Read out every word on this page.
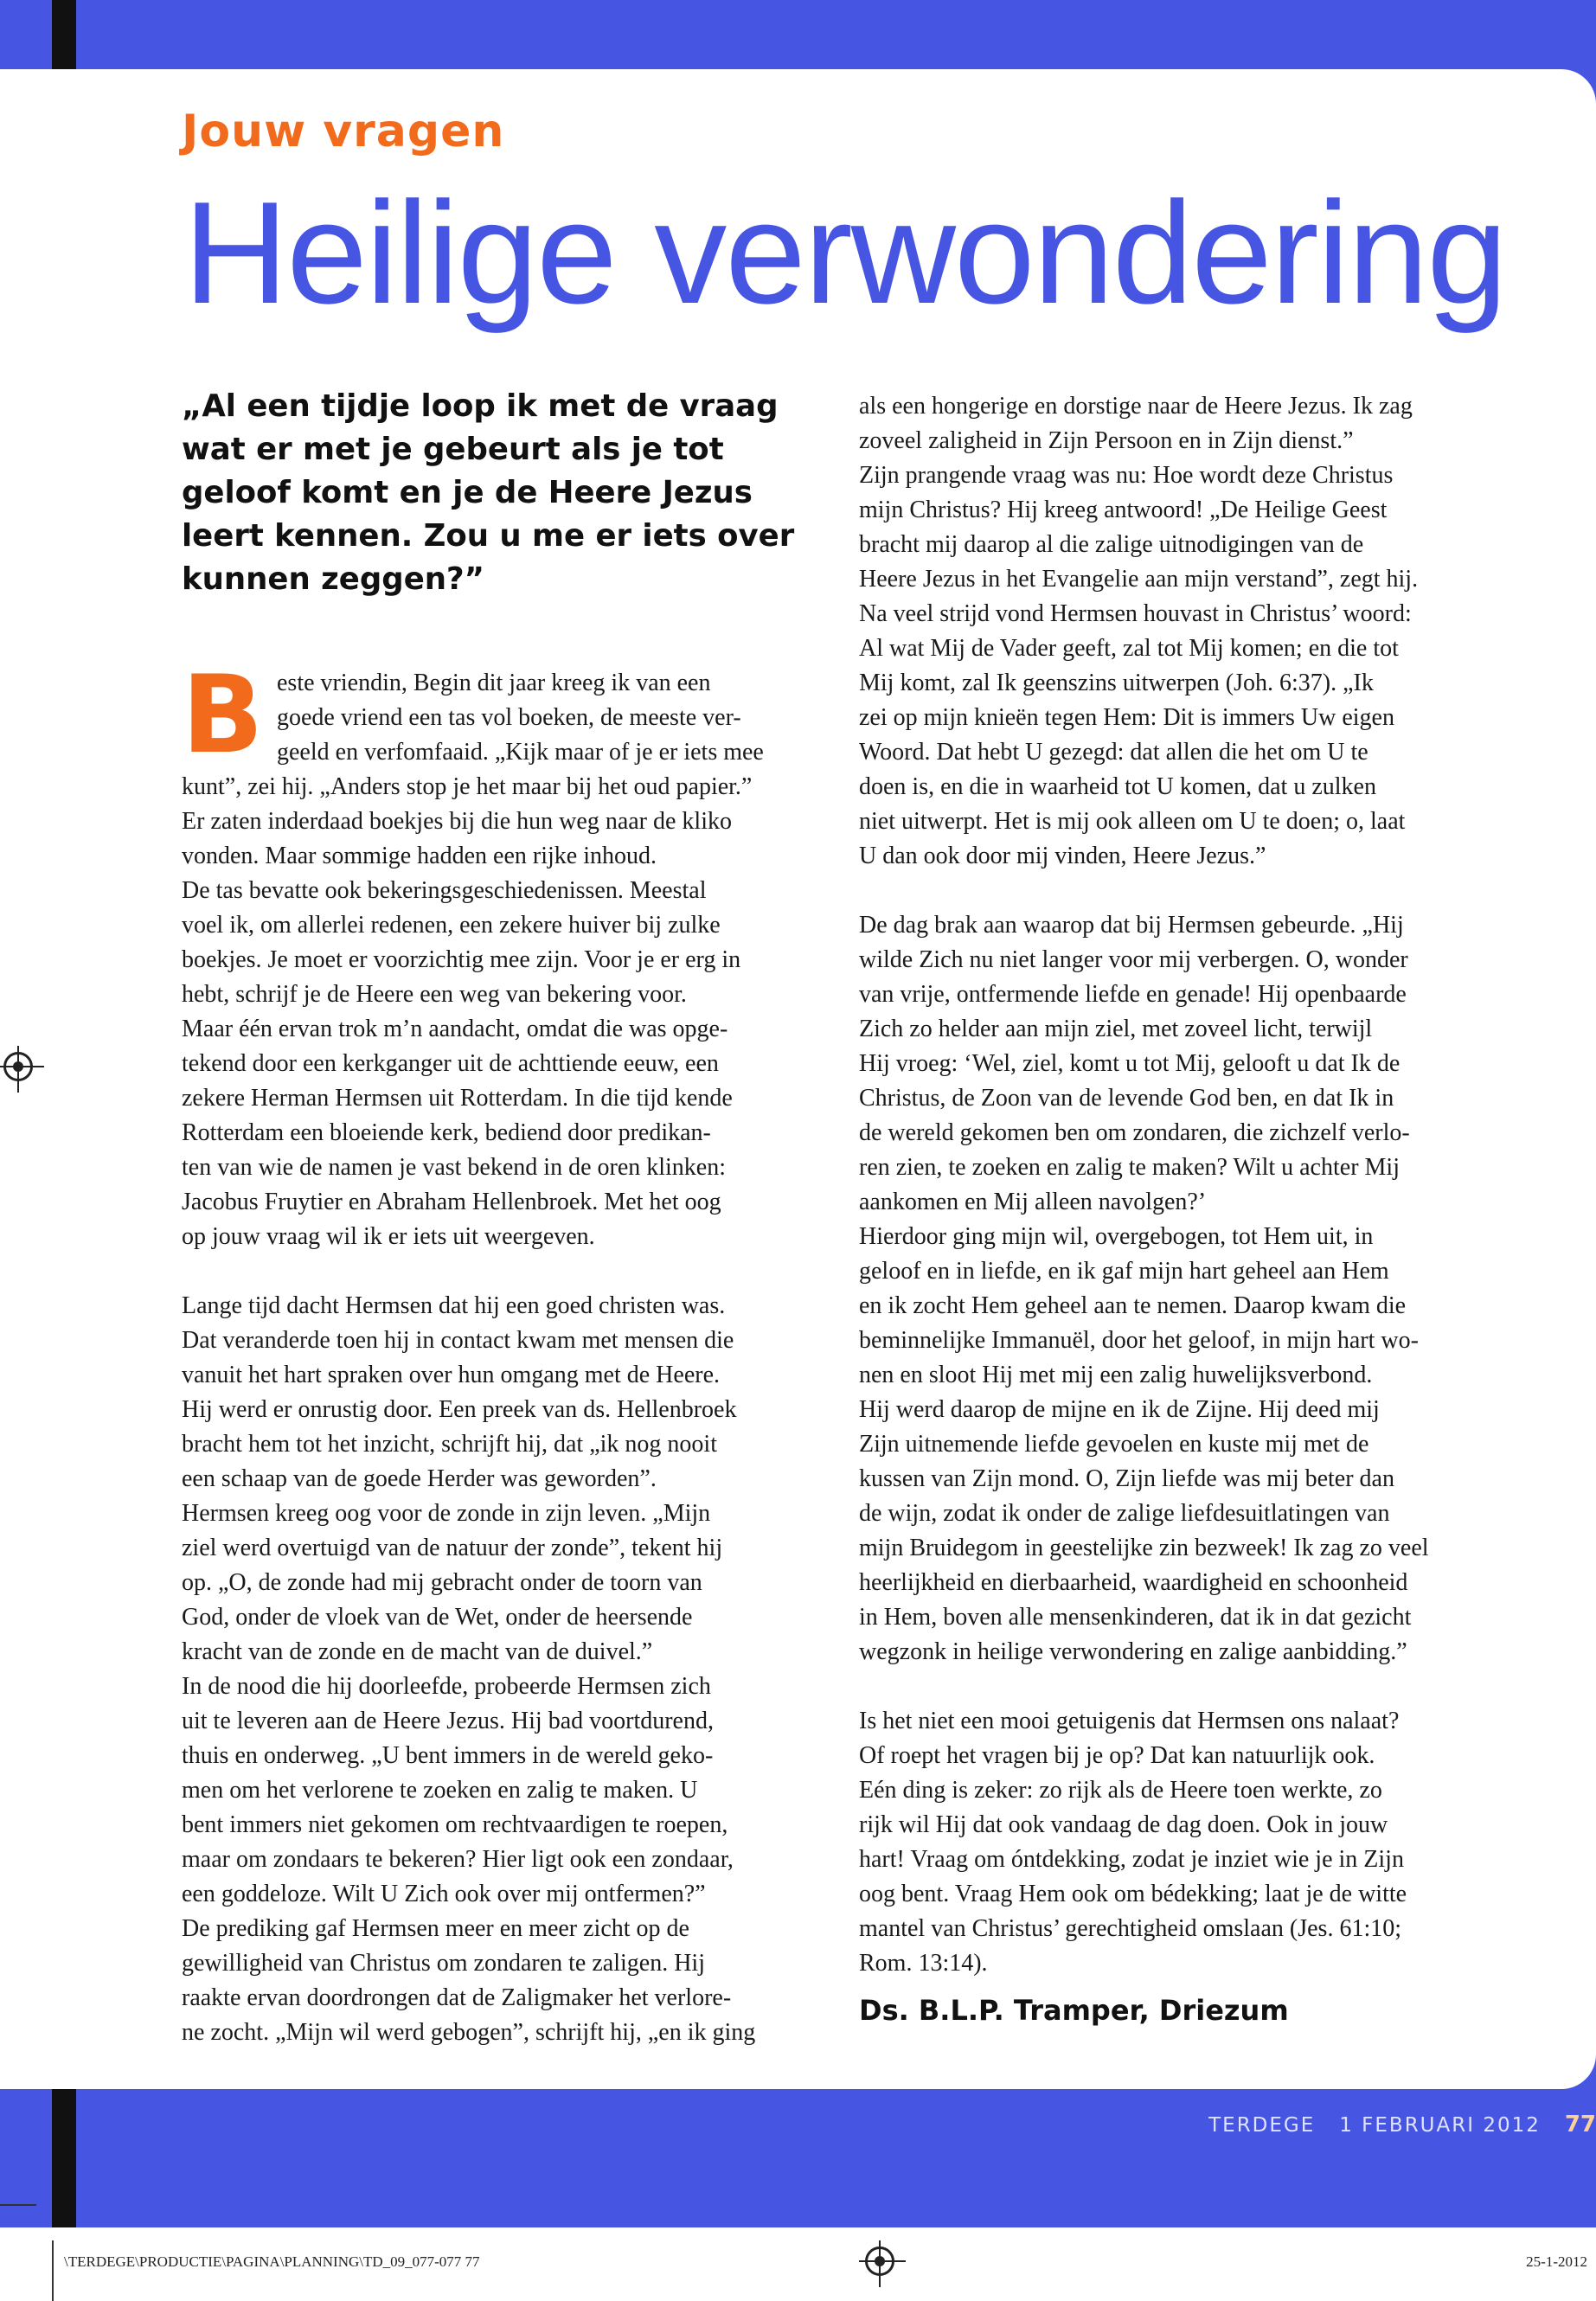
Jouw vragen
Heilige verwondering
„Al een tijdje loop ik met de vraag wat er met je gebeurt als je tot geloof komt en je de Heere Jezus leert kennen. Zou u me er iets over kunnen zeggen?”
B este vriendin, Begin dit jaar kreeg ik van een

goede vriend een tas vol boeken, de meeste ver-

geeld en verfomfaaid. „Kijk maar of je er iets mee

kunt”, zei hij. „Anders stop je het maar bij het oud papier.”

Er zaten inderdaad boekjes bij die hun weg naar de kliko

vonden. Maar sommige hadden een rijke inhoud.

De tas bevatte ook bekeringsgeschiedenissen. Meestal

voel ik, om allerlei redenen, een zekere huiver bij zulke

boekjes. Je moet er voorzichtig mee zijn. Voor je er erg in

hebt, schrijf je de Heere een weg van bekering voor.

Maar één ervan trok m’n aandacht, omdat die was opge-

tekend door een kerkganger uit de achttiende eeuw, een

zekere Herman Hermsen uit Rotterdam. In die tijd kende

Rotterdam een bloeiende kerk, bediend door predikan-

ten van wie de namen je vast bekend in de oren klinken:

Jacobus Fruytier en Abraham Hellenbroek. Met het oog

op jouw vraag wil ik er iets uit weergeven.

Lange tijd dacht Hermsen dat hij een goed christen was.

Dat veranderde toen hij in contact kwam met mensen die

vanuit het hart spraken over hun omgang met de Heere.

Hij werd er onrustig door. Een preek van ds. Hellenbroek

bracht hem tot het inzicht, schrijft hij, dat „ik nog nooit

een schaap van de goede Herder was geworden”.

Hermsen kreeg oog voor de zonde in zijn leven. „Mijn

ziel werd overtuigd van de natuur der zonde”, tekent hij

op. „O, de zonde had mij gebracht onder de toorn van

God, onder de vloek van de Wet, onder de heersende

kracht van de zonde en de macht van de duivel.”

In de nood die hij doorleefde, probeerde Hermsen zich

uit te leveren aan de Heere Jezus. Hij bad voortdurend,

thuis en onderweg. „U bent immers in de wereld geko-

men om het verlorene te zoeken en zalig te maken. U

bent immers niet gekomen om rechtvaardigen te roepen,

maar om zondaars te bekeren? Hier ligt ook een zondaar,

een goddeloze. Wilt U Zich ook over mij ontfermen?”

De prediking gaf Hermsen meer en meer zicht op de

gewilligheid van Christus om zondaren te zaligen. Hij

raakte ervan doordrongen dat de Zaligmaker het verlore-

ne zocht. „Mijn wil werd gebogen”, schrijft hij, „en ik ging

als een hongerige en dorstige naar de Heere Jezus. Ik zag

zoveel zaligheid in Zijn Persoon en in Zijn dienst.”

Zijn prangende vraag was nu: Hoe wordt deze Christus

mijn Christus? Hij kreeg antwoord! „De Heilige Geest

bracht mij daarop al die zalige uitnodigingen van de

Heere Jezus in het Evangelie aan mijn verstand”, zegt hij.

Na veel strijd vond Hermsen houvast in Christus’ woord:

Al wat Mij de Vader geeft, zal tot Mij komen; en die tot

Mij komt, zal Ik geenszins uitwerpen (Joh. 6:37). „Ik

zei op mijn knieën tegen Hem: Dit is immers Uw eigen

Woord. Dat hebt U gezegd: dat allen die het om U te

doen is, en die in waarheid tot U komen, dat u zulken

niet uitwerpt. Het is mij ook alleen om U te doen; o, laat

U dan ook door mij vinden, Heere Jezus.”

De dag brak aan waarop dat bij Hermsen gebeurde. „Hij

wilde Zich nu niet langer voor mij verbergen. O, wonder

van vrije, ontfermende liefde en genade! Hij openbaarde

Zich zo helder aan mijn ziel, met zoveel licht, terwijl

Hij vroeg: ‘Wel, ziel, komt u tot Mij, gelooft u dat Ik de

Christus, de Zoon van de levende God ben, en dat Ik in

de wereld gekomen ben om zondaren, die zichzelf verlo-

ren zien, te zoeken en zalig te maken? Wilt u achter Mij

aankomen en Mij alleen navolgen?’

Hierdoor ging mijn wil, overgebogen, tot Hem uit, in

geloof en in liefde, en ik gaf mijn hart geheel aan Hem

en ik zocht Hem geheel aan te nemen. Daarop kwam die

beminnelijke Immanuël, door het geloof, in mijn hart wo-

nen en sloot Hij met mij een zalig huwelijksverbond.

Hij werd daarop de mijne en ik de Zijne. Hij deed mij

Zijn uitnemende liefde gevoelen en kuste mij met de

kussen van Zijn mond. O, Zijn liefde was mij beter dan

de wijn, zodat ik onder de zalige liefdesuitlatingen van

mijn Bruidegom in geestelijke zin bezweek! Ik zag zo veel

heerlijkheid en dierbaarheid, waardigheid en schoonheid

in Hem, boven alle mensenkinderen, dat ik in dat gezicht

wegzonk in heilige verwondering en zalige aanbidding.”

Is het niet een mooi getuigenis dat Hermsen ons nalaat?

Of roept het vragen bij je op? Dat kan natuurlijk ook.

Eén ding is zeker: zo rijk als de Heere toen werkte, zo

rijk wil Hij dat ook vandaag de dag doen. Ook in jouw

hart! Vraag om óntdekking, zodat je inziet wie je in Zijn

oog bent. Vraag Hem ook om bédekking; laat je de witte

mantel van Christus’ gerechtigheid omslaan (Jes. 61:10;

Rom. 13:14).

Ds. B.L.P. Tramper, Driezum
TERDEGE 1 FEBRUARI 2012 77
\TERDEGE\PRODUCTIE\PAGINA\PLANNING\TD_09_077-077 77	25-1-2012
